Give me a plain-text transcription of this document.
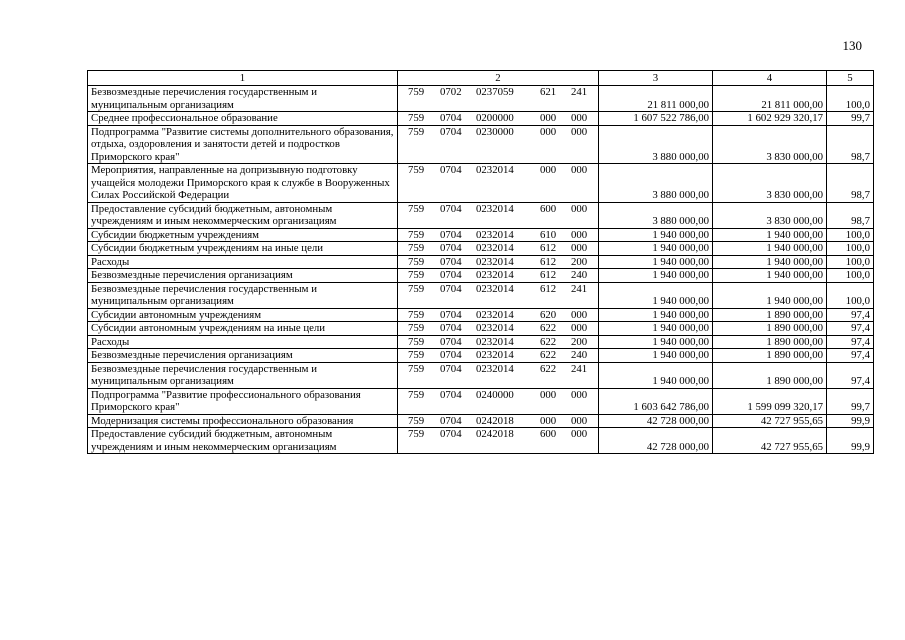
130
1	2	3	4	5
Безвозмездные перечисления государственным и муниципальным организациям	759 0702 0237059 621 241	21 811 000,00	21 811 000,00	100,0
Среднее профессиональное образование	759 0704 0200000 000 000	1 607 522 786,00	1 602 929 320,17	99,7
Подпрограмма "Развитие системы дополнительного образования, отдыха, оздоровления и занятости детей и подростков Приморского края"	759 0704 0230000 000 000	3 880 000,00	3 830 000,00	98,7
Мероприятия, направленные на допризывную подготовку учащейся молодежи Приморского края к службе в Вооруженных Силах Российской Федерации	759 0704 0232014 000 000	3 880 000,00	3 830 000,00	98,7
Предоставление субсидий бюджетным, автономным учреждениям и иным некоммерческим организациям	759 0704 0232014 600 000	3 880 000,00	3 830 000,00	98,7
Субсидии бюджетным учреждениям	759 0704 0232014 610 000	1 940 000,00	1 940 000,00	100,0
Субсидии бюджетным учреждениям на иные цели	759 0704 0232014 612 000	1 940 000,00	1 940 000,00	100,0
Расходы	759 0704 0232014 612 200	1 940 000,00	1 940 000,00	100,0
Безвозмездные перечисления организациям	759 0704 0232014 612 240	1 940 000,00	1 940 000,00	100,0
Безвозмездные перечисления государственным и муниципальным организациям	759 0704 0232014 612 241	1 940 000,00	1 940 000,00	100,0
Субсидии автономным учреждениям	759 0704 0232014 620 000	1 940 000,00	1 890 000,00	97,4
Субсидии автономным учреждениям на иные цели	759 0704 0232014 622 000	1 940 000,00	1 890 000,00	97,4
Расходы	759 0704 0232014 622 200	1 940 000,00	1 890 000,00	97,4
Безвозмездные перечисления организациям	759 0704 0232014 622 240	1 940 000,00	1 890 000,00	97,4
Безвозмездные перечисления государственным и муниципальным организациям	759 0704 0232014 622 241	1 940 000,00	1 890 000,00	97,4
Подпрограмма "Развитие профессионального образования Приморского края"	759 0704 0240000 000 000	1 603 642 786,00	1 599 099 320,17	99,7
Модернизация системы профессионального образования	759 0704 0242018 000 000	42 728 000,00	42 727 955,65	99,9
Предоставление субсидий бюджетным, автономным учреждениям и иным некоммерческим организациям	759 0704 0242018 600 000	42 728 000,00	42 727 955,65	99,9
